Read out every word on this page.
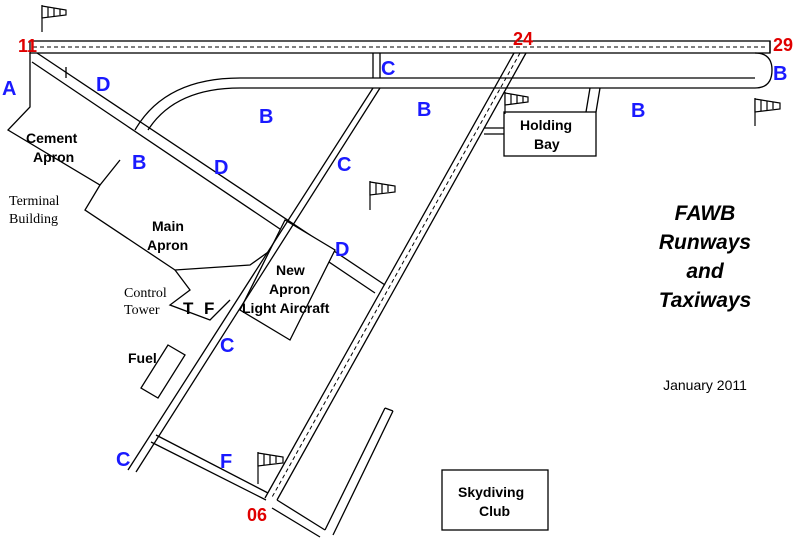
11	29
24
06
A	D
B	B	B
C	B
B	D	C
D
C
C	F
Cement
Apron
Terminal
Building	Main
Apron
New
Apron
Light Aircraft
Control
Tower T F
Fuel
Holding
Bay
Skydiving
Club
FAWB
Runways
and
Taxiways
January 2011
